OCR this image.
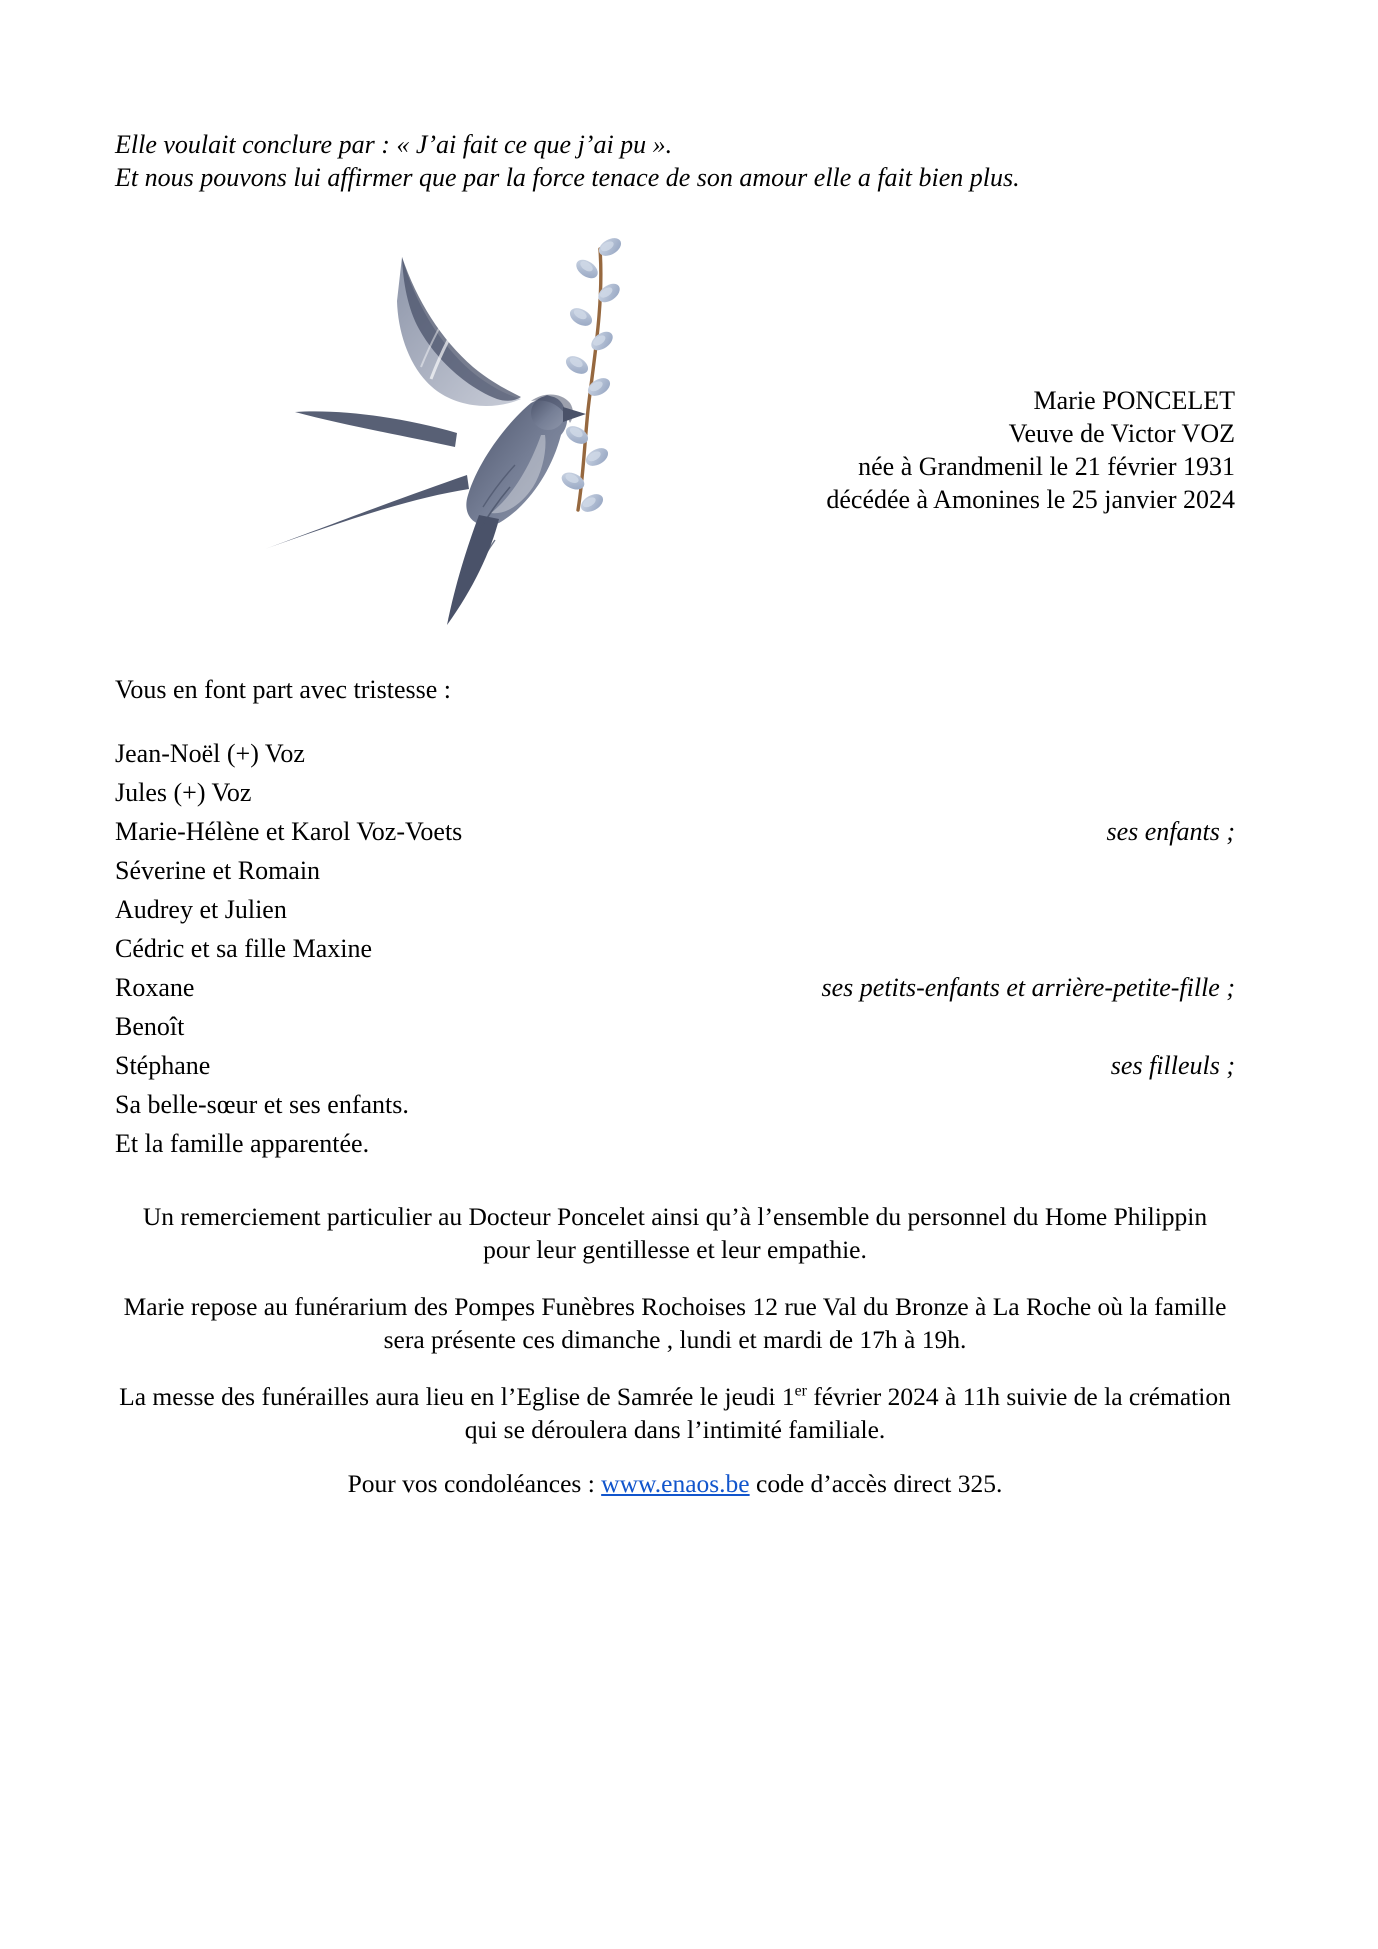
Elle voulait conclure par : « J’ai fait ce que j’ai pu ».
Et nous pouvons lui affirmer que par la force tenace de son amour elle a fait bien plus.
Marie PONCELET
Veuve de Victor VOZ
née à Grandmenil le 21 février 1931
décédée à Amonines le 25 janvier 2024
Vous en font part avec tristesse :
Jean-Noël (+) Voz
Jules (+) Voz
Marie-Hélène et Karol Voz-Voets	ses enfants ;
Séverine et Romain
Audrey et Julien
Cédric et sa fille Maxine
Roxane	ses petits-enfants et arrière-petite-fille ;
Benoît
Stéphane	ses filleuls ;
Sa belle-sœur et ses enfants.
Et la famille apparentée.
Un remerciement particulier au Docteur Poncelet ainsi qu’à l’ensemble du personnel du Home Philippin
pour leur gentillesse et leur empathie.
Marie repose au funérarium des Pompes Funèbres Rochoises 12 rue Val du Bronze à La Roche où la famille
sera présente ces dimanche , lundi et mardi de 17h à 19h.
La messe des funérailles aura lieu en l’Eglise de Samrée le jeudi 1er février 2024 à 11h suivie de la crémation
qui se déroulera dans l’intimité familiale.
Pour vos condoléances : www.enaos.be code d’accès direct 325.
